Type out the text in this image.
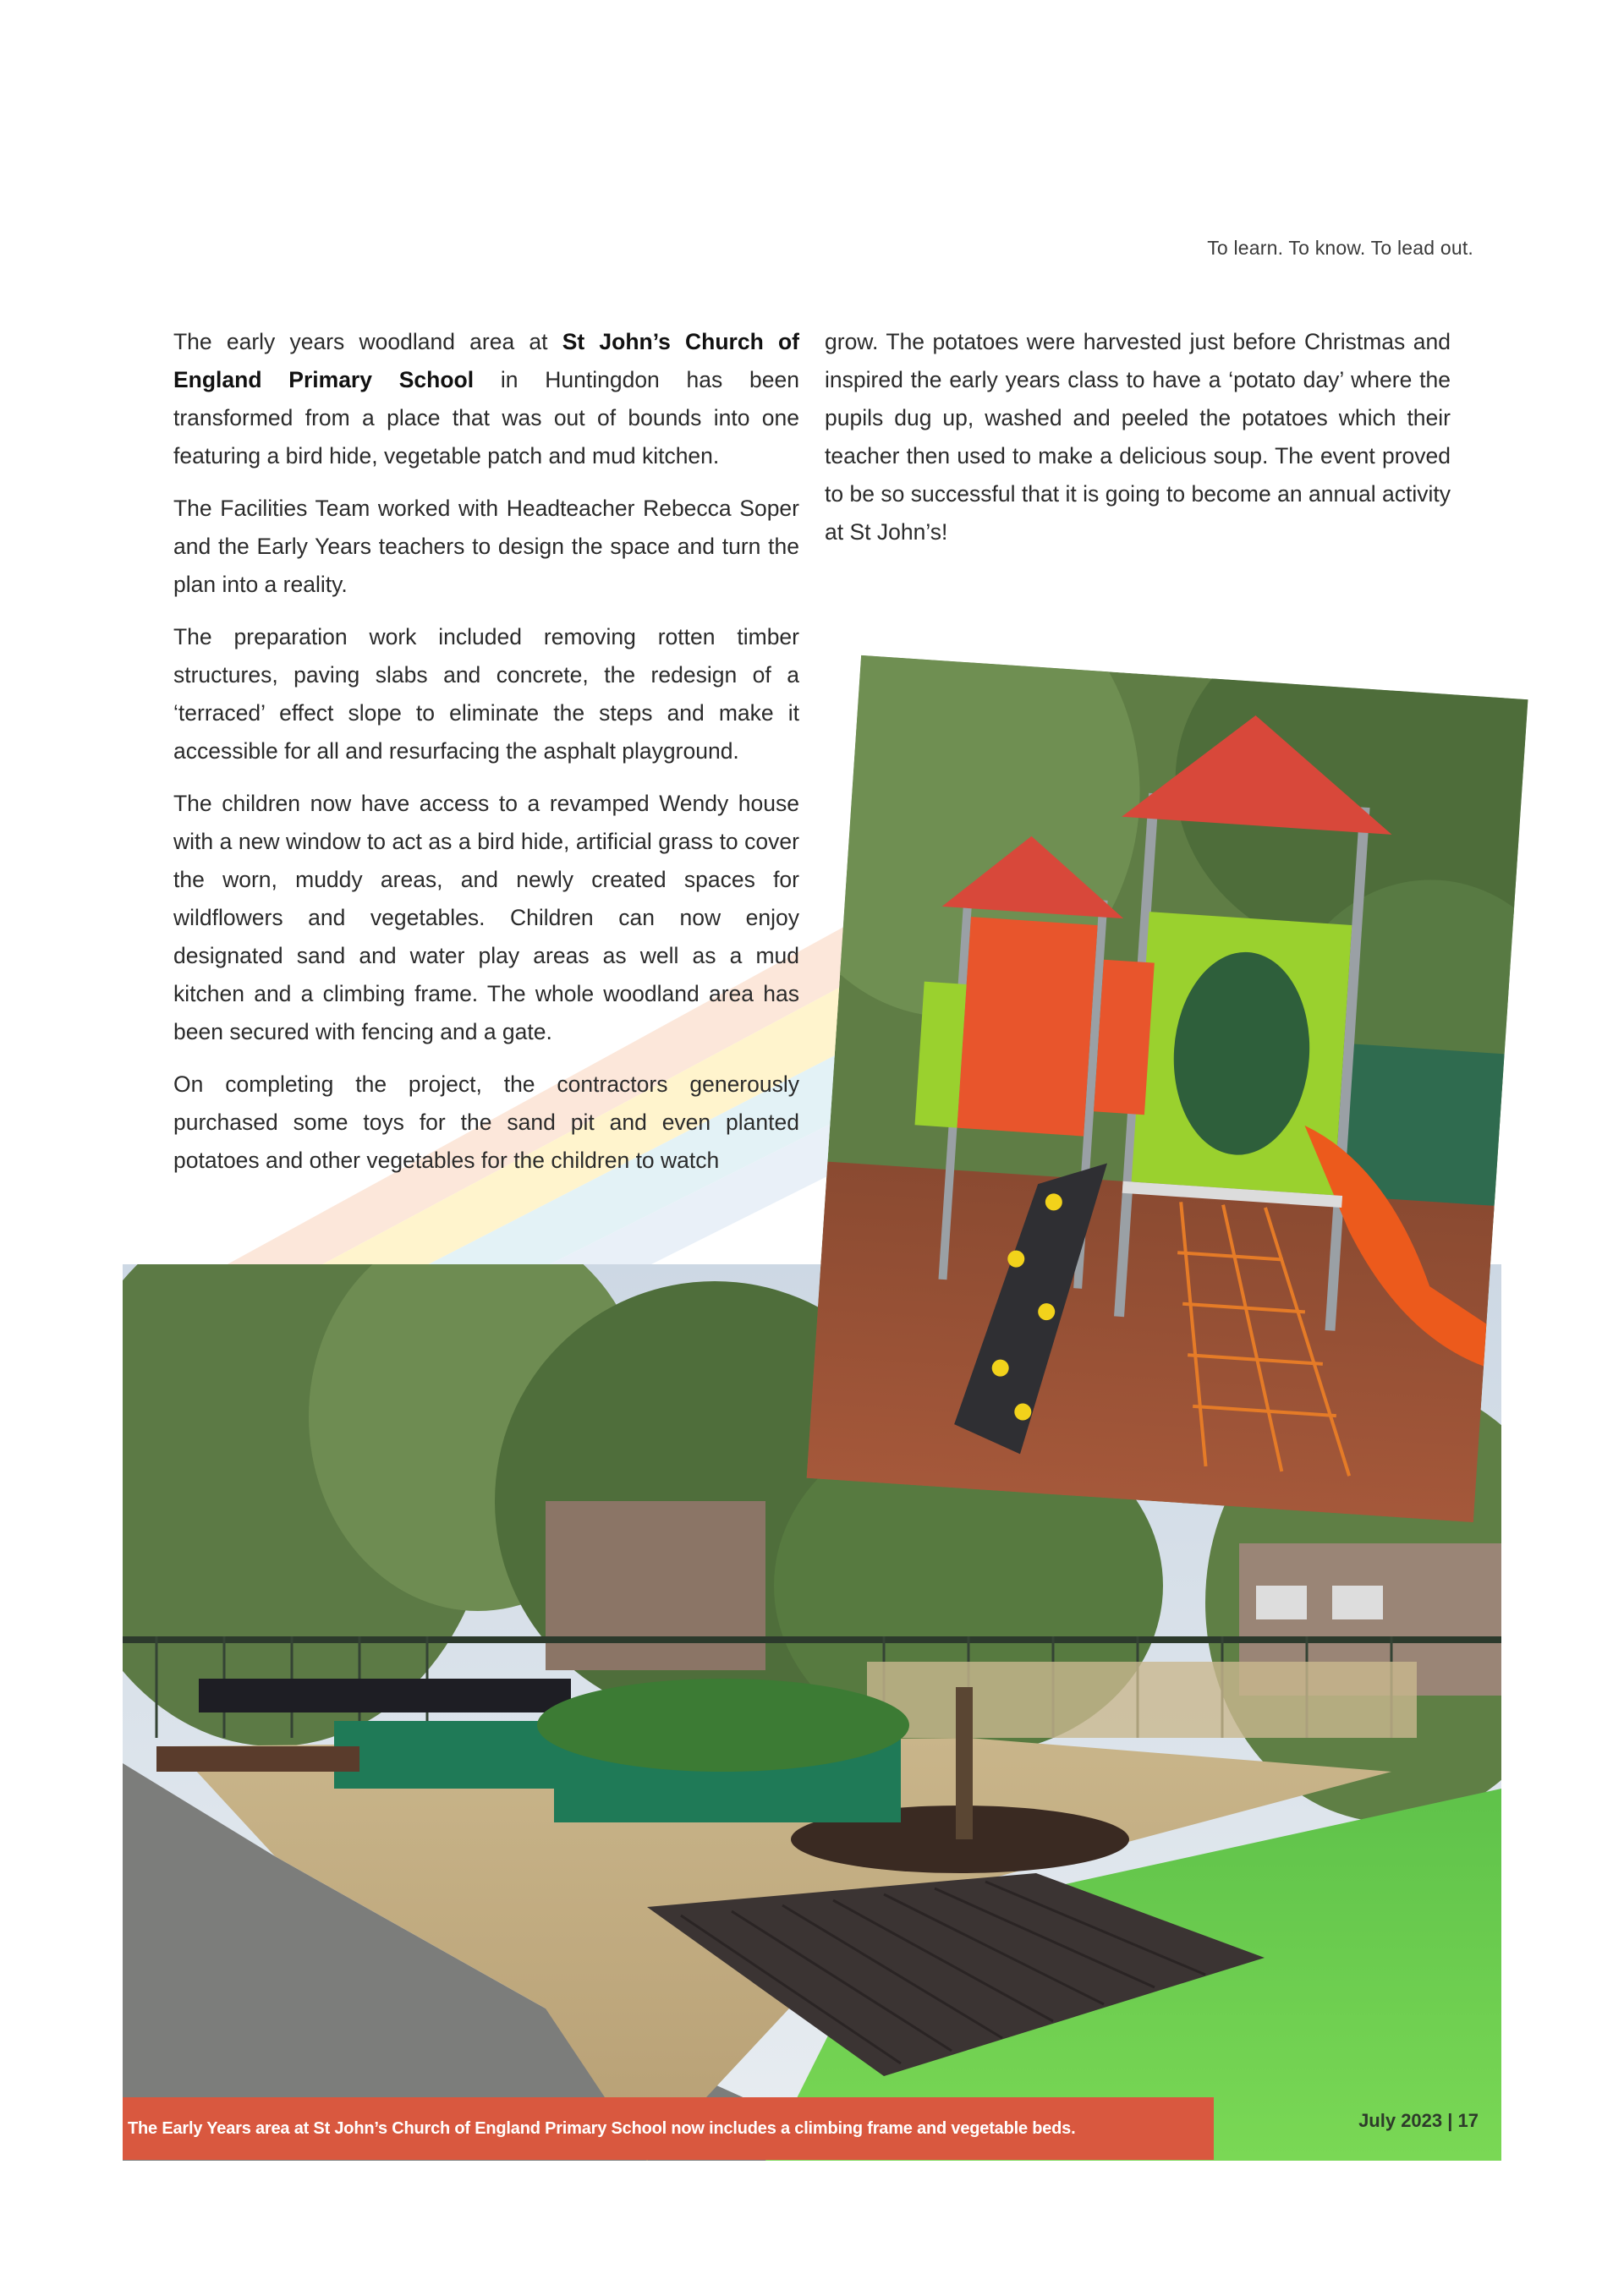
To learn. To know. To lead out.

The early years woodland area at St John’s Church of England Primary School in Huntingdon has been transformed from a place that was out of bounds into one featuring a bird hide, vegetable patch and mud kitchen.

The Facilities Team worked with Headteacher Rebecca Soper and the Early Years teachers to design the space and turn the plan into a reality.

The preparation work included removing rotten timber structures, paving slabs and concrete, the redesign of a ‘terraced’ effect slope to eliminate the steps and make it accessible for all and resurfacing the asphalt playground.

The children now have access to a revamped Wendy house with a new window to act as a bird hide, artificial grass to cover the worn, muddy areas, and newly created spaces for wildflowers and vegetables. Children can now enjoy designated sand and water play areas as well as a mud kitchen and a climbing frame. The whole woodland area has been secured with fencing and a gate.

On completing the project, the contractors generously purchased some toys for the sand pit and even planted potatoes and other vegetables for the children to watch

grow. The potatoes were harvested just before Christmas and inspired the early years class to have a ‘potato day’ where the pupils dug up, washed and peeled the potatoes which their teacher then used to make a delicious soup. The event proved to be so successful that it is going to become an annual activity at St John’s!

The Early Years area at St John’s Church of England Primary School now includes a climbing frame and vegetable beds.	July 2023 | 17
